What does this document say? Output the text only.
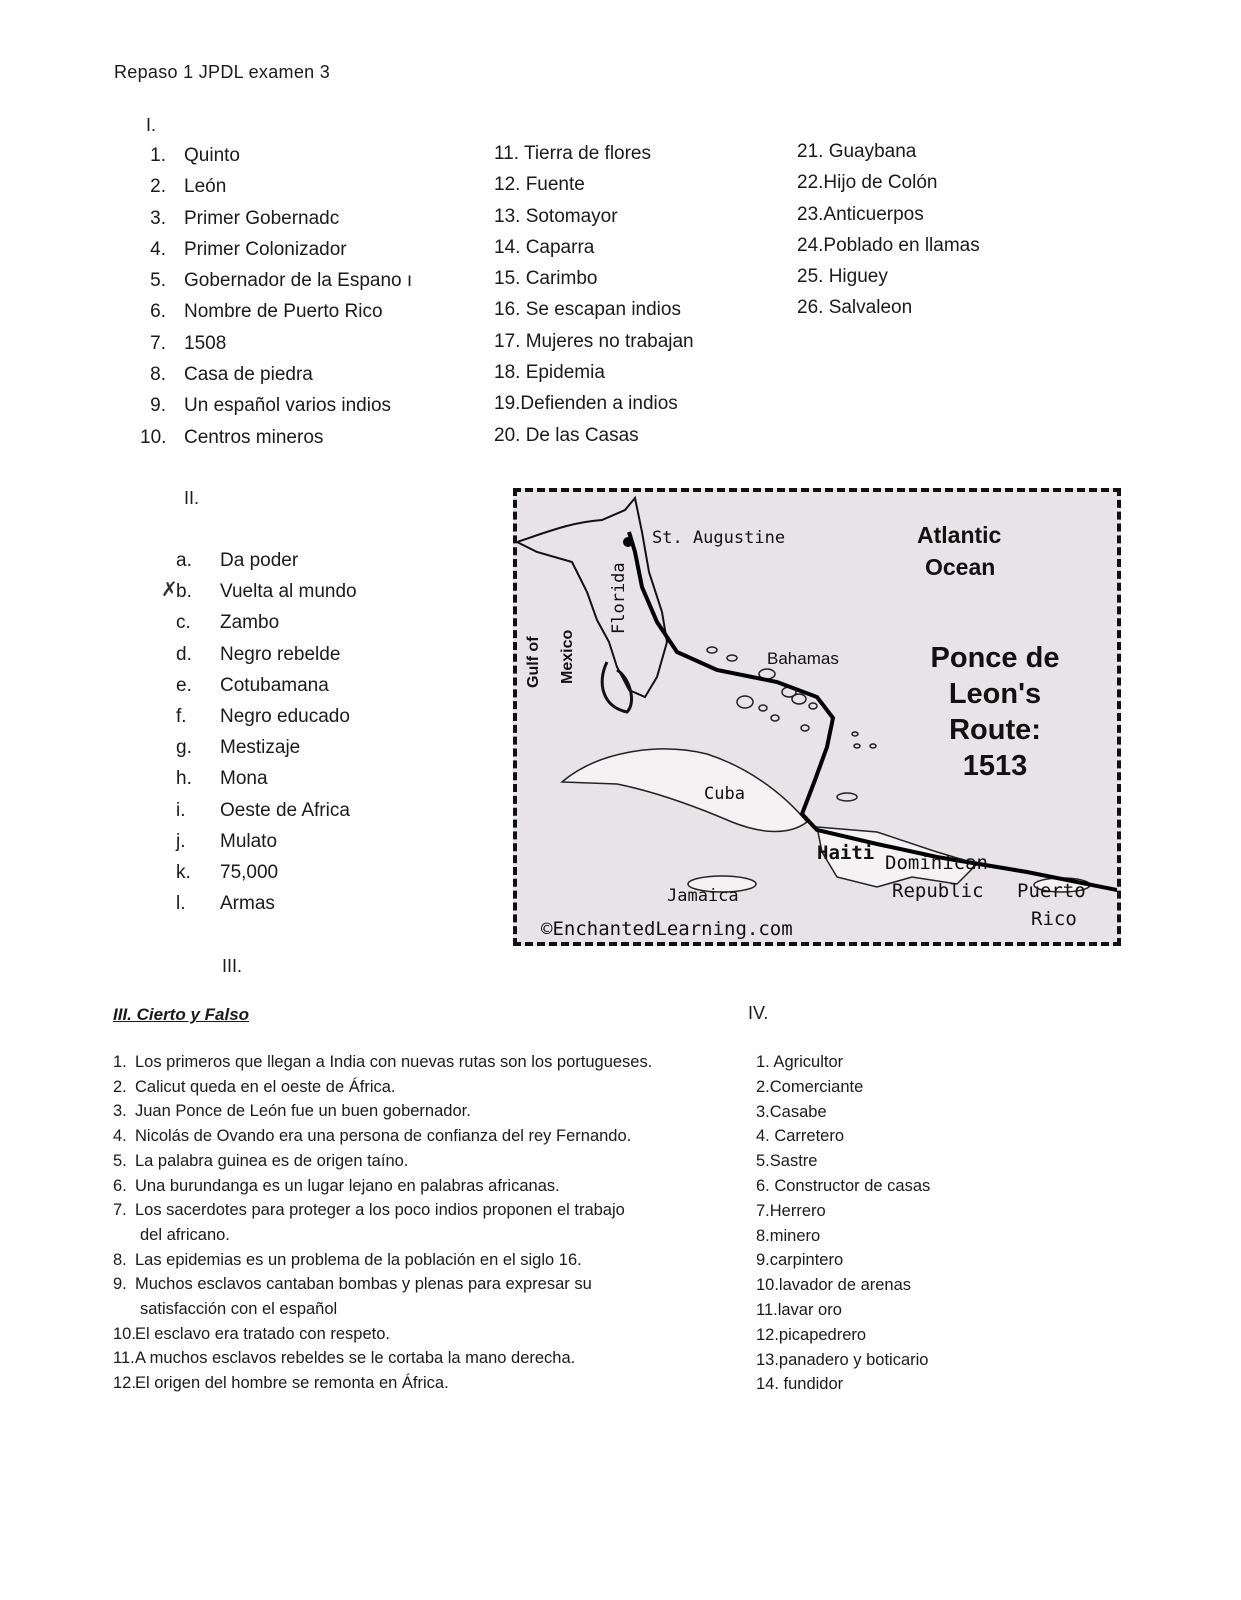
Repaso 1 JPDL examen 3
I.
1. Quinto
2. León
3. Primer Gobernadc
4. Primer Colonizador
5. Gobernador de la Espano ı
6. Nombre de Puerto Rico
7. 1508
8. Casa de piedra
9. Un español varios indios
10. Centros mineros
11. Tierra de flores
12. Fuente
13. Sotomayor
14. Caparra
15. Carimbo
16. Se escapan indios
17. Mujeres no trabajan
18. Epidemia
19.Defienden a indios
20. De las Casas
21. Guaybana
22.Hijo de Colón
23.Anticuerpos
24.Poblado en llamas
25. Higuey
26. Salvaleon
II.
✗
a. Da poder
b. Vuelta al mundo
c. Zambo
d. Negro rebelde
e. Cotubamana
f. Negro educado
g. Mestizaje
h. Mona
i. Oeste de Africa
j. Mulato
k. 75,000
l. Armas
St. Augustine	Atlantic
Ocean
Florida
Gulf of Mexico	Bahamas	Ponce de
Leon's
Route:
1513
Cuba
Haiti Dominican
Republic Puerto
Rico
Jamaica
©EnchantedLearning.com
III.
III. Cierto y Falso
1. Los primeros que llegan a India con nuevas rutas son los portugueses.
2. Calicut queda en el oeste de África.
3. Juan Ponce de León fue un buen gobernador.
4. Nicolás de Ovando era una persona de confianza del rey Fernando.
5. La palabra guinea es de origen taíno.
6. Una burundanga es un lugar lejano en palabras africanas.
7. Los sacerdotes para proteger a los poco indios proponen el trabajo
del africano.
8.Las epidemias es un problema de la población en el siglo 16.
9.Muchos esclavos cantaban bombas y plenas para expresar su
satisfacción con el español
10.El esclavo era tratado con respeto.
11.A muchos esclavos rebeldes se le cortaba la mano derecha.
12.El origen del hombre se remonta en África.
IV.
1. Agricultor
2.Comerciante
3.Casabe
4. Carretero
5.Sastre
6. Constructor de casas
7.Herrero
8.minero
9.carpintero
10.lavador de arenas
11.lavar oro
12.picapedrero
13.panadero y boticario
14. fundidor
